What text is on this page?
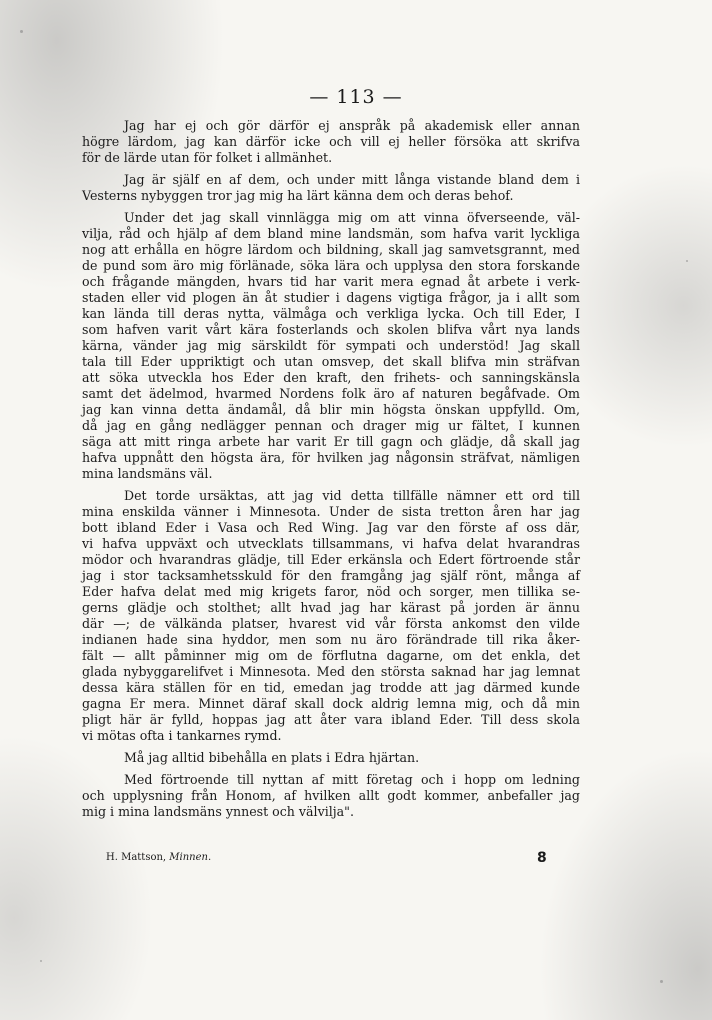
— 113 —
Jag har ej och gör därför ej anspråk på akademisk eller annan
högre lärdom, jag kan därför icke och vill ej heller försöka att skrifva
för de lärde utan för folket i allmänhet.
Jag är själf en af dem, och under mitt långa vistande bland dem i
Vesterns nybyggen tror jag mig ha lärt känna dem och deras behof.
Under det jag skall vinnlägga mig om att vinna öfverseende, väl-
vilja, råd och hjälp af dem bland mine landsmän, som hafva varit lyckliga
nog att erhålla en högre lärdom och bildning, skall jag samvetsgrannt, med
de pund som äro mig förlänade, söka lära och upplysa den stora forskande
och frågande mängden, hvars tid har varit mera egnad åt arbete i verk-
staden eller vid plogen än åt studier i dagens vigtiga frågor, ja i allt som
kan lända till deras nytta, välmåga och verkliga lycka. Och till Eder, I
som hafven varit vårt kära fosterlands och skolen blifva vårt nya lands
kärna, vänder jag mig särskildt för sympati och understöd! Jag skall
tala till Eder uppriktigt och utan omsvep, det skall blifva min sträfvan
att söka utveckla hos Eder den kraft, den frihets- och sanningskänsla
samt det ädelmod, hvarmed Nordens folk äro af naturen begåfvade. Om
jag kan vinna detta ändamål, då blir min högsta önskan uppfylld. Om,
då jag en gång nedlägger pennan och drager mig ur fältet, I kunnen
säga att mitt ringa arbete har varit Er till gagn och glädje, då skall jag
hafva uppnått den högsta ära, för hvilken jag någonsin sträfvat, nämligen
mina landsmäns väl.
Det torde ursäktas, att jag vid detta tillfälle nämner ett ord till
mina enskilda vänner i Minnesota. Under de sista tretton åren har jag
bott ibland Eder i Vasa och Red Wing. Jag var den förste af oss där,
vi hafva uppväxt och utvecklats tillsammans, vi hafva delat hvarandras
mödor och hvarandras glädje, till Eder erkänsla och Edert förtroende står
jag i stor tacksamhetsskuld för den framgång jag själf rönt, många af
Eder hafva delat med mig krigets faror, nöd och sorger, men tillika se-
gerns glädje och stolthet; allt hvad jag har kärast på jorden är ännu
där —; de välkända platser, hvarest vid vår första ankomst den vilde
indianen hade sina hyddor, men som nu äro förändrade till rika åker-
fält — allt påminner mig om de förflutna dagarne, om det enkla, det
glada nybyggarelifvet i Minnesota. Med den största saknad har jag lemnat
dessa kära ställen för en tid, emedan jag trodde att jag därmed kunde
gagna Er mera. Minnet däraf skall dock aldrig lemna mig, och då min
pligt här är fylld, hoppas jag att åter vara ibland Eder. Till dess skola
vi mötas ofta i tankarnes rymd.
Må jag alltid bibehålla en plats i Edra hjärtan.
Med förtroende till nyttan af mitt företag och i hopp om ledning
och upplysning från Honom, af hvilken allt godt kommer, anbefaller jag
mig i mina landsmäns ynnest och välvilja".
H. Mattson, Minnen.	8
